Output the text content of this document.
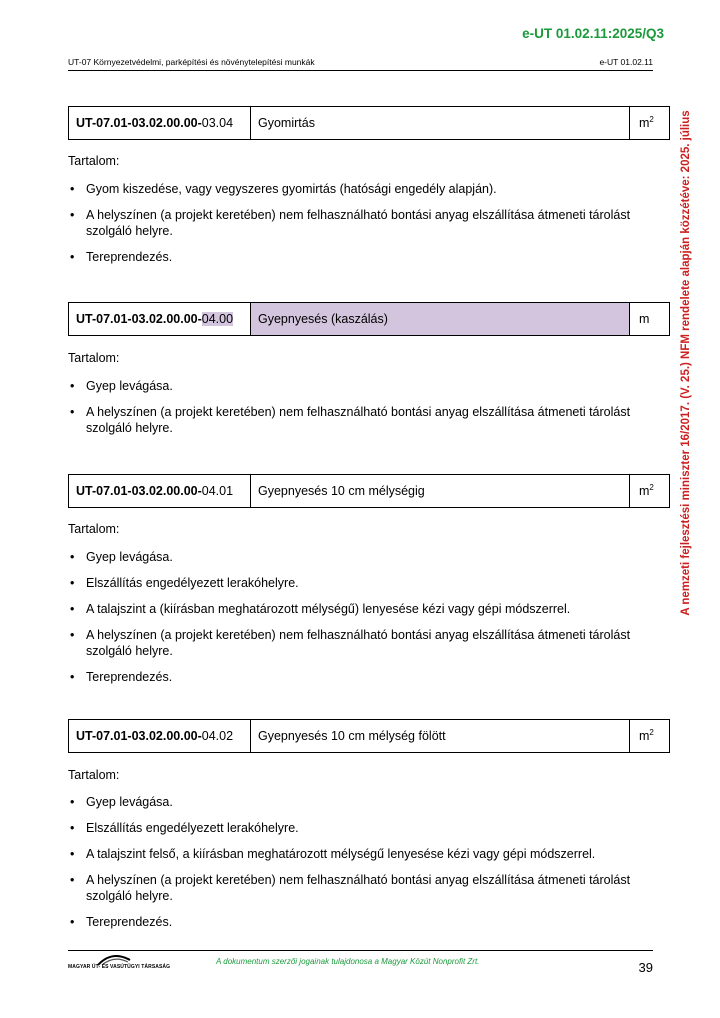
e-UT 01.02.11:2025/Q3
UT-07 Környezetvédelmi, parképítési és növénytelepítési munkák	e-UT 01.02.11
A nemzeti fejlesztési miniszter 16/2017. (V. 25.) NFM rendelete alapján közzétéve: 2025. július
UT-07.01-03.02.00.00-03.04	Gyomirtás	$m^2$
Tartalom:
• Gyom kiszedése, vagy vegyszeres gyomirtás (hatósági engedély alapján).
• A helyszínen (a projekt keretében) nem felhasználható bontási anyag elszállítása átmeneti tárolást szolgáló helyre.
• Tereprendezés.
UT-07.01-03.02.00.00-04.00	Gyepnyesés (kaszálás)	m
Tartalom:
• Gyep levágása.
• A helyszínen (a projekt keretében) nem felhasználható bontási anyag elszállítása átmeneti tárolást szolgáló helyre.
UT-07.01-03.02.00.00-04.01	Gyepnyesés 10 cm mélységig	$m^2$
Tartalom:
• Gyep levágása.
• Elszállítás engedélyezett lerakóhelyre.
• A talajszint a (kiírásban meghatározott mélységű) lenyesése kézi vagy gépi módszerrel.
• A helyszínen (a projekt keretében) nem felhasználható bontási anyag elszállítása átmeneti tárolást szolgáló helyre.
• Tereprendezés.
UT-07.01-03.02.00.00-04.02	Gyepnyesés 10 cm mélység fölött	$m^2$
Tartalom:
• Gyep levágása.
• Elszállítás engedélyezett lerakóhelyre.
• A talajszint felső, a kiírásban meghatározott mélységű lenyesése kézi vagy gépi módszerrel.
• A helyszínen (a projekt keretében) nem felhasználható bontási anyag elszállítása átmeneti tárolást szolgáló helyre.
• Tereprendezés.
MAGYAR ÚT- ÉS VASÚTÜGYI TÁRSASÁG
A dokumentum szerzői jogainak tulajdonosa a Magyar Közút Nonprofit Zrt.	39
